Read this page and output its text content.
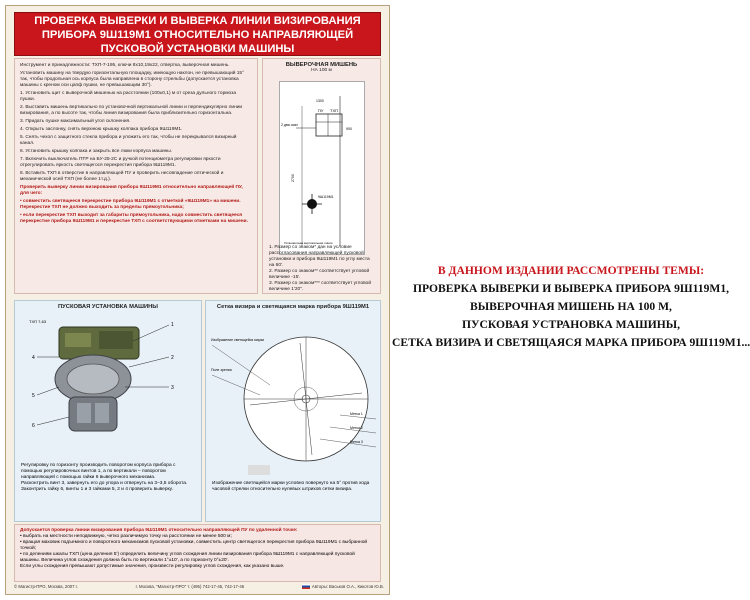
ПРОВЕРКА ВЫВЕРКИ И ВЫВЕРКА ЛИНИИ ВИЗИРОВАНИЯ
ПРИБОРА 9Ш119М1 ОТНОСИТЕЛЬНО НАПРАВЛЯЮЩЕЙ
ПУСКОВОЙ УСТАНОВКИ МАШИНЫ

Инструмент и принадлежности: ТХП-7-195, ключи 8х10,19х22, отвертка, выверочная мишень.

Установить машину на твердую горизонтальную площадку, имеющую наклон, не превышающий 15° так, чтобы продольная ось корпуса была направлена в сторону стрельбы (допускается установка машины с креном оси цапф пушки, не превышающим 30°).

1. Установить щит с выверочной мишенью на расстоянии (100±0,1) м от среза дульного тормоза пушки.

2. Выставить мишень вертикально по установочной вертикальной линии и перпендикулярно линии визирования, а по высоте так, чтобы линия визирования была приблизительно горизонтальна.

3. Придать пушке максимальный угол склонения.

4. Открыть заслонку, снять верхнюю крышку колпака прибора 9Ш119М1.

5. Снять чехол с защитного стекла прибора и уложить его так, чтобы не перекрывался визирный канал.

6. Установить крышку колпака и закрыть все люки корпуса машины.

7. Включить выключатель ПТР на БУ-25-2С и ручкой потенциометра регулировки яркости отрегулировать яркость светящегося перекрестия прибора 9Ш119М1.

8. Вставить ТХП в отверстие в направляющей ПУ и проверить несовпадение оптической и механической осей ТХП (не более 1т.д.).

Проверить выверку линии визирования прибора 9Ш119М1 относительно направляющей ПУ, для чего:

• совместить светящееся перекрестие прибора 9Ш119М1 с отметкой «9Ш119М1» на мишени. Перекрестие ТХП не должно выходить за пределы прямоугольника;

• если перекрестие ТХП выходит за габариты прямоугольника, надо совместить светящееся перекрестие прибора 9Ш119М1 и перекрестие ТХП с соответствующими отметками на мишени.

ВЫВЕРОЧНАЯ МИШЕНЬ
НА 100 м
ПУ ТХП
2 два осях
1300
900
2700
9Ш119М1
Установочная вертикальная линия
1. Размер со знаком* дан на условие рассогласования направляющей пусковой установки и прибора 9Ш119М1 по углу места на 60'.
2. Размер со знаком** соответствует угловой величине -15'.
3. Размер со знаком*** соответствует угловой величине 1'20".
ПУСКОВАЯ УСТАНОВКА МАШИНЫ
ТХП 7-63
1
2
3
4
5
6
Регулировку по горизонту производить поворотом корпуса прибора с помощью регулировочных винтов 1, а по вертикали – поворотом направляющей с помощью гайки 6 выверочного механизма.
Расконтрить винт 3, завернуть его до упора и отвернуть на 3–3,5 оборота.
Законтрить гайку 6, винты 1 и 3 гайками 5, 2 и 4 проверить выверку.
Сетка визира и светящаяся марка прибора 9Ш119М1
Изображение светящейся марки
Поле зрения
Метка 1
Метка 2
Метка 3
Изображение светящейся марки условно повернуто на 5° против хода часовой стрелки относительно нулевых штрихов сетки визира.
Допускается проверка линии визирования прибора 9Ш119М1 относительно направляющей ПУ по удаленной точке:
• выбрать на местности неподвижную, четко различимую точку на расстоянии не менее 500 м;
• вращая маховик подъемного и поворотного механизмов пусковой установки, совместить центр светящегося перекрестия прибора 9Ш119М1 с выбранной точкой;
• по делениям шкалы ТХП (цена деления 5') определить величину углов схождения линии визирования прибора 9Ш119М1 с направляющей пусковой машины. Величина углов схождения должна быть по вертикали 1°±10', а по горизонту 0°±20'.
Если углы схождения превышают допустимые значения, произвести регулировку углов схождения, как указано выше.
© Магистр-ПРО, Москва, 2007 г.	г. Москва, "Магистр-ПРО" т. (495) 742-17-45, 742-17-46	Авторы: Васьков О.А., Кикотов Ю.В.
В ДАННОМ ИЗДАНИИ РАССМОТРЕНЫ ТЕМЫ:
ПРОВЕРКА ВЫВЕРКИ И ВЫВЕРКА ПРИБОРА 9Ш119М1,
ВЫВЕРОЧНАЯ МИШЕНЬ НА 100 М,
ПУСКОВАЯ УСТРАНОВКА МАШИНЫ,
СЕТКА ВИЗИРА И СВЕТЯЩАЯСЯ МАРКА ПРИБОРА 9Ш119М1...
